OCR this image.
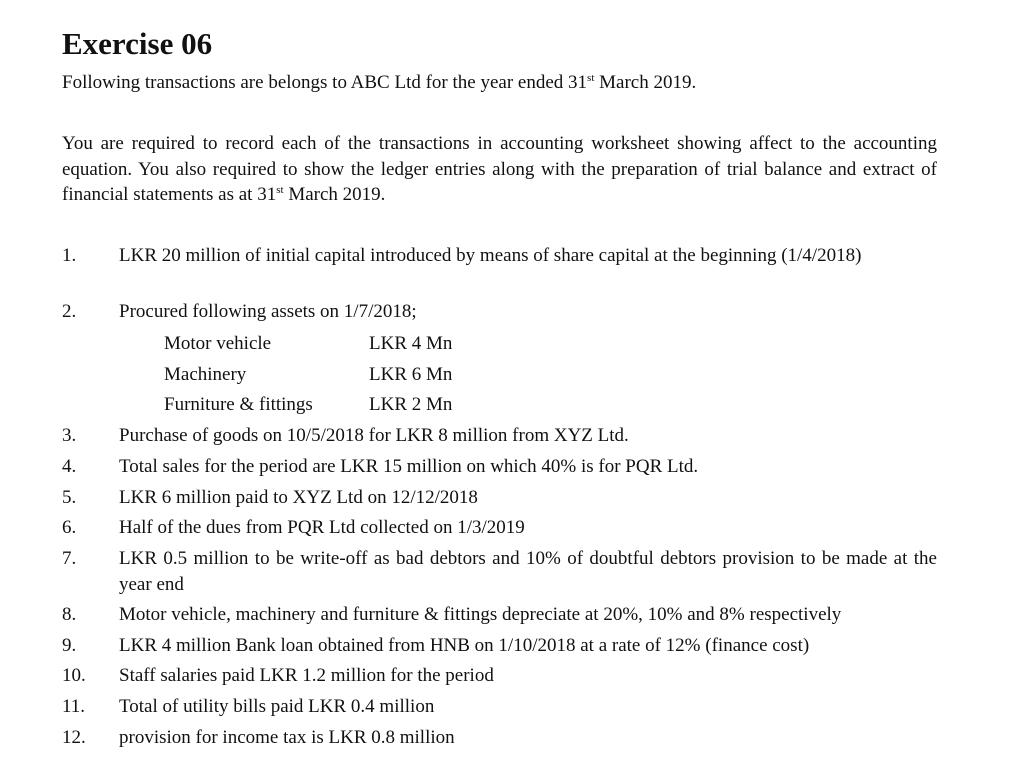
Exercise 06
Following transactions are belongs to ABC Ltd for the year ended 31st March 2019.
You are required to record each of the transactions in accounting worksheet showing affect to the accounting equation. You also required to show the ledger entries along with the preparation of trial balance and extract of financial statements as at 31st March 2019.
1.	LKR 20 million of initial capital introduced by means of share capital at the beginning (1/4/2018)
2.	Procured following assets on 1/7/2018;
Motor vehicle	LKR 4 Mn
Machinery	LKR 6 Mn
Furniture & fittings	LKR 2 Mn
3.	Purchase of goods on 10/5/2018 for LKR 8 million from XYZ Ltd.
4.	Total sales for the period are LKR 15 million on which 40% is for PQR Ltd.
5.	LKR 6 million paid to XYZ Ltd on 12/12/2018
6.	Half of the dues from PQR Ltd collected on 1/3/2019
7.	LKR 0.5 million to be write-off as bad debtors and 10% of doubtful debtors provision to be made at the year end
8.	Motor vehicle, machinery and furniture & fittings depreciate at 20%, 10% and 8% respectively
9.	LKR 4 million Bank loan obtained from HNB on 1/10/2018 at a rate of 12% (finance cost)
10.	Staff salaries paid LKR 1.2 million for the period
11.	Total of utility bills paid LKR 0.4 million
12.	provision for income tax is LKR 0.8 million
